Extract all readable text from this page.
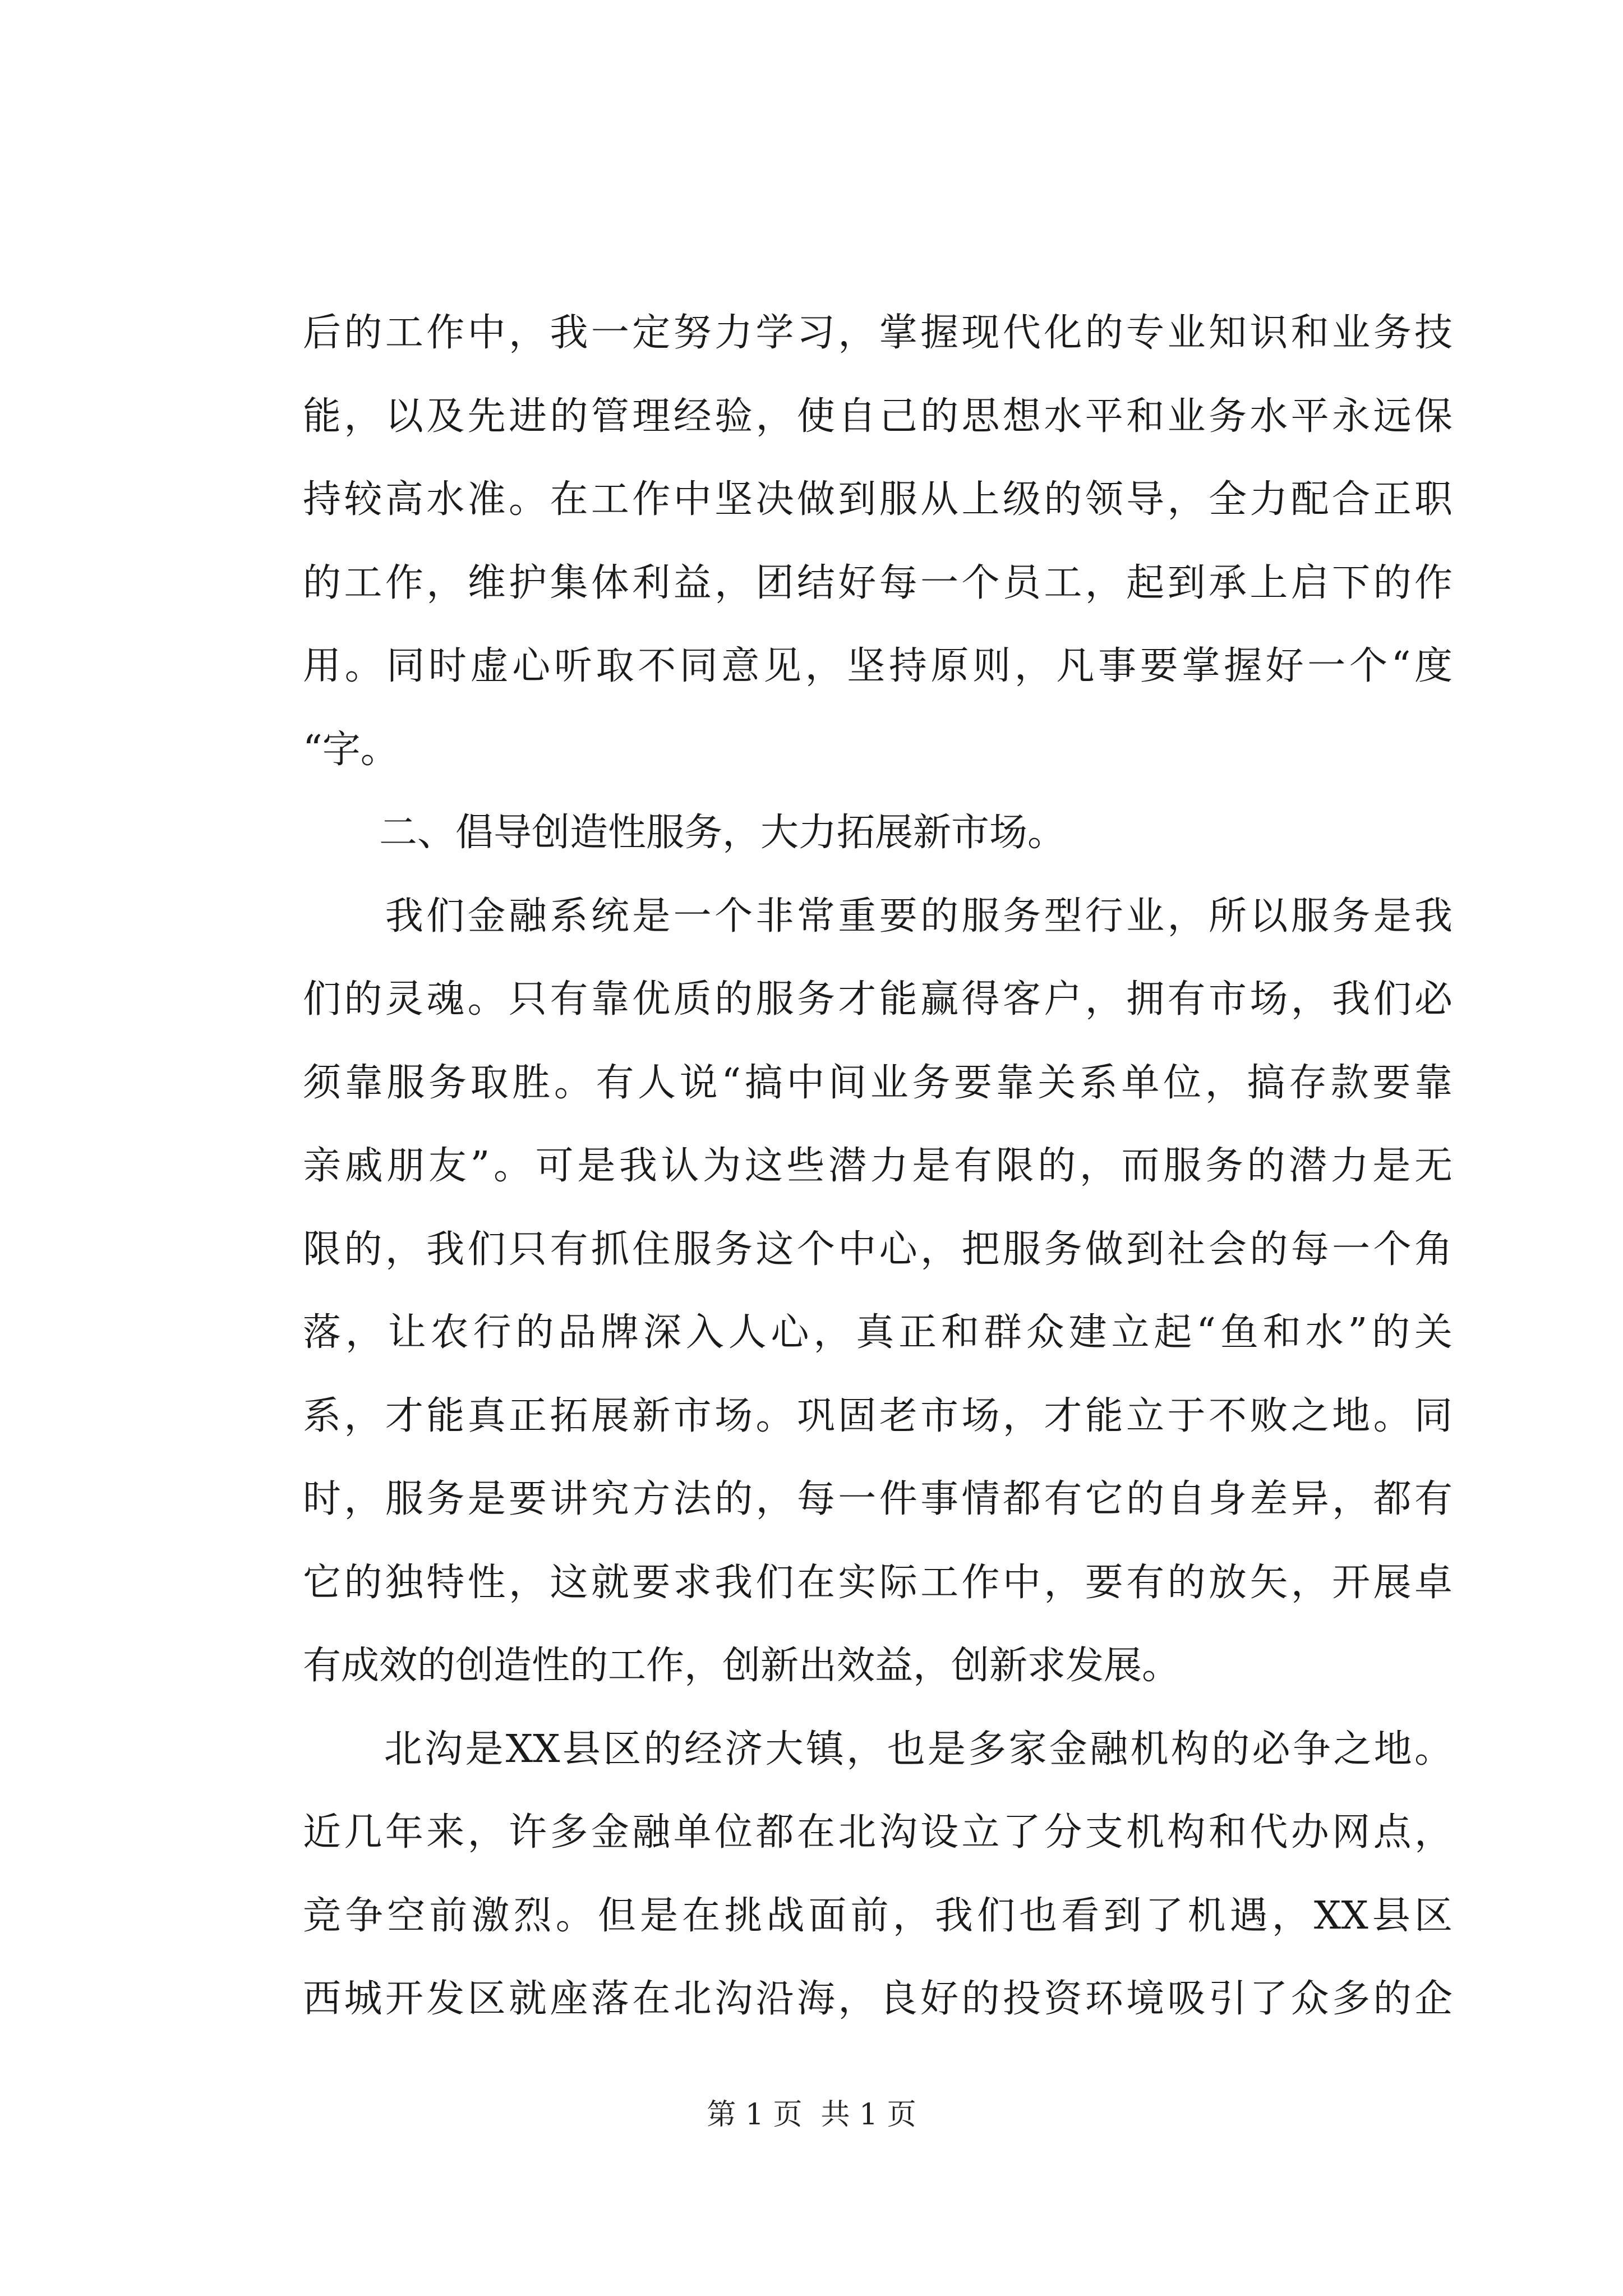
后的工作中，我一定努力学习，掌握现代化的专业知识和业务技
能，以及先进的管理经验，使自己的思想水平和业务水平永远保
持较高水准。在工作中坚决做到服从上级的领导，全力配合正职
的工作，维护集体利益，团结好每一个员工，起到承上启下的作
用。同时虚心听取不同意见，坚持原则，凡事要掌握好一个“度
“字。
　　二、倡导创造性服务，大力拓展新市场。
　　我们金融系统是一个非常重要的服务型行业，所以服务是我
们的灵魂。只有靠优质的服务才能赢得客户，拥有市场，我们必
须靠服务取胜。有人说“搞中间业务要靠关系单位，搞存款要靠
亲戚朋友”。可是我认为这些潜力是有限的，而服务的潜力是无
限的，我们只有抓住服务这个中心，把服务做到社会的每一个角
落，让农行的品牌深入人心，真正和群众建立起“鱼和水”的关
系，才能真正拓展新市场。巩固老市场，才能立于不败之地。同
时，服务是要讲究方法的，每一件事情都有它的自身差异，都有
它的独特性，这就要求我们在实际工作中，要有的放矢，开展卓
有成效的创造性的工作，创新出效益，创新求发展。
　　北沟是XX县区的经济大镇，也是多家金融机构的必争之地。
近几年来，许多金融单位都在北沟设立了分支机构和代办网点，
竞争空前激烈。但是在挑战面前，我们也看到了机遇，XX县区
西城开发区就座落在北沟沿海，良好的投资环境吸引了众多的企
第 1 页  共 1 页
